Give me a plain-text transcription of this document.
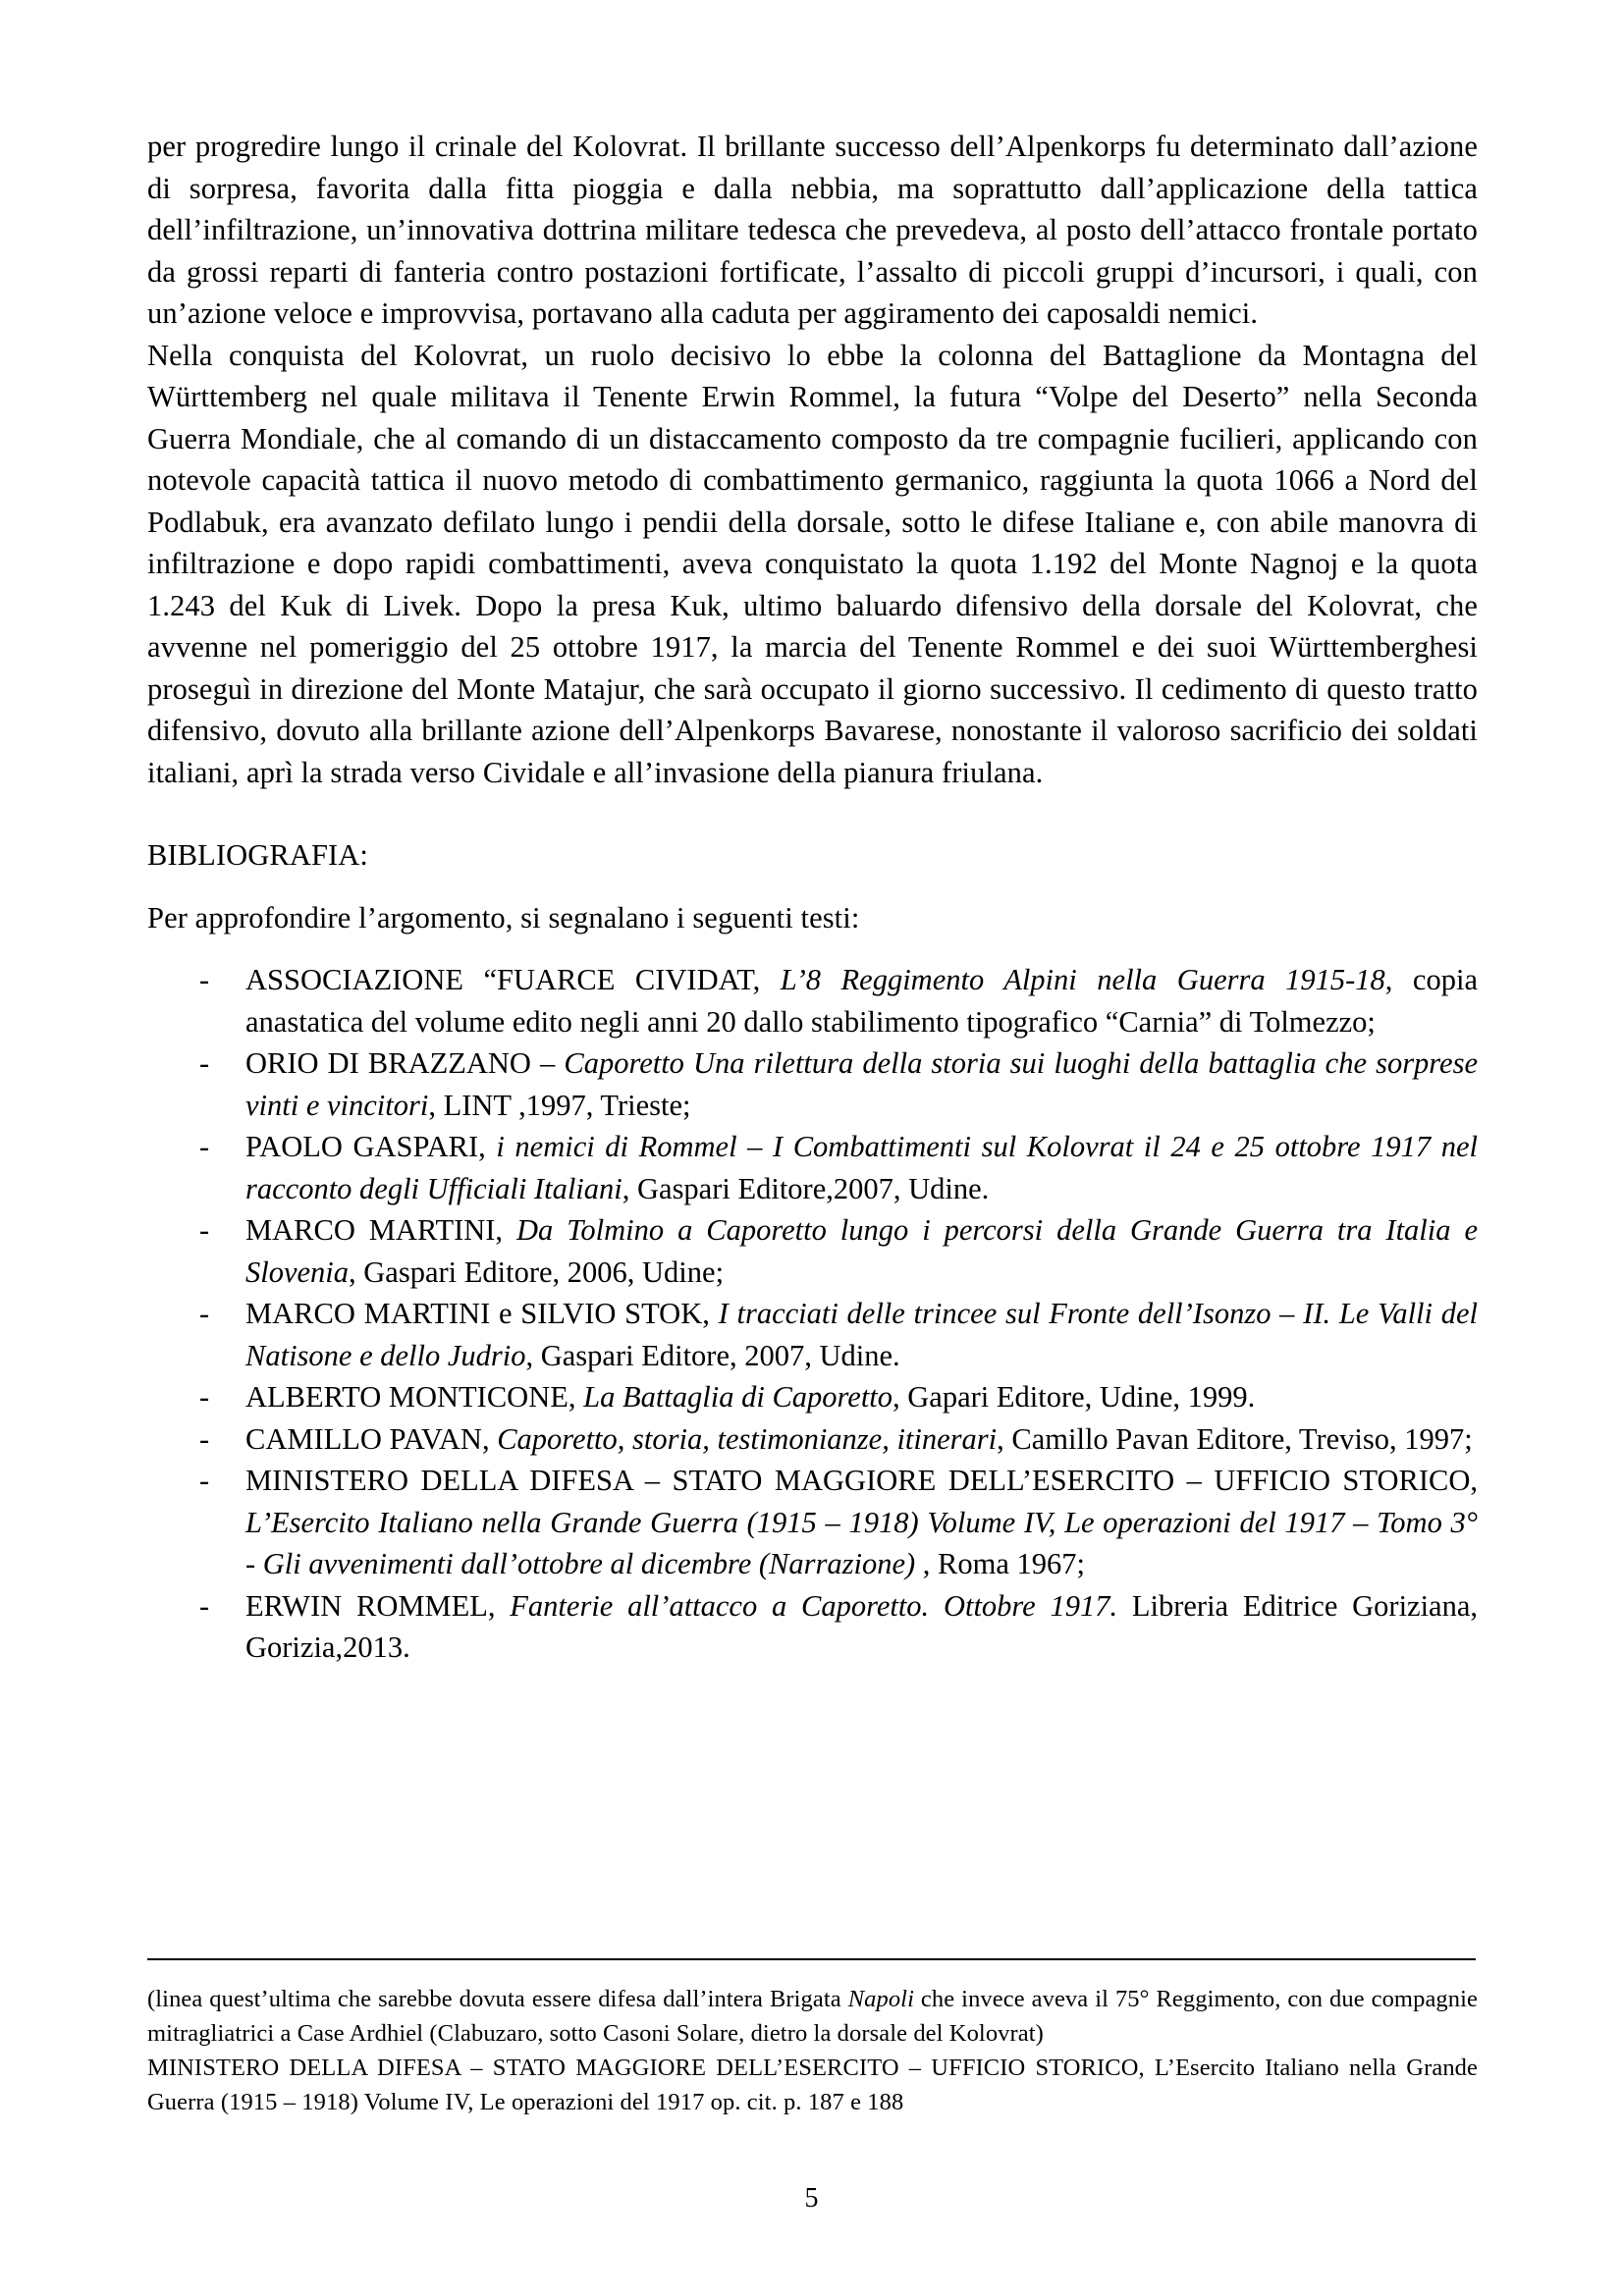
per progredire lungo il crinale del Kolovrat. Il brillante successo dell’Alpenkorps fu determinato dall’azione di sorpresa, favorita dalla fitta pioggia e dalla nebbia, ma soprattutto dall’applicazione della tattica dell’infiltrazione, un’innovativa dottrina militare tedesca che prevedeva, al posto dell’attacco frontale portato da grossi reparti di fanteria contro postazioni fortificate, l’assalto di piccoli gruppi d’incursori, i quali, con un’azione veloce e improvvisa, portavano alla caduta per aggiramento dei caposaldi nemici.

Nella conquista del Kolovrat, un ruolo decisivo lo ebbe la colonna del Battaglione da Montagna del Württemberg nel quale militava il Tenente Erwin Rommel, la futura “Volpe del Deserto” nella Seconda Guerra Mondiale, che al comando di un distaccamento composto da tre compagnie fucilieri, applicando con notevole capacità tattica il nuovo metodo di combattimento germanico, raggiunta la quota 1066 a Nord del Podlabuk, era avanzato defilato lungo i pendii della dorsale, sotto le difese Italiane e, con abile manovra di infiltrazione e dopo rapidi combattimenti, aveva conquistato la quota 1.192 del Monte Nagnoj e la quota 1.243 del Kuk di Livek. Dopo la presa Kuk, ultimo baluardo difensivo della dorsale del Kolovrat, che avvenne nel pomeriggio del 25 ottobre 1917, la marcia del Tenente Rommel e dei suoi Württemberghesi proseguì in direzione del Monte Matajur, che sarà occupato il giorno successivo. Il cedimento di questo tratto difensivo, dovuto alla brillante azione dell’Alpenkorps Bavarese, nonostante il valoroso sacrificio dei soldati italiani, aprì la strada verso Cividale e all’invasione della pianura friulana.

BIBLIOGRAFIA:

Per approfondire l’argomento, si segnalano i seguenti testi:

- ASSOCIAZIONE “FUARCE CIVIDAT, L’8 Reggimento Alpini nella Guerra 1915-18, copia anastatica del volume edito negli anni 20 dallo stabilimento tipografico “Carnia” di Tolmezzo;
- ORIO DI BRAZZANO – Caporetto Una rilettura della storia sui luoghi della battaglia che sorprese vinti e vincitori, LINT ,1997, Trieste;
- PAOLO GASPARI, i nemici di Rommel – I Combattimenti sul Kolovrat il 24 e 25 ottobre 1917 nel racconto degli Ufficiali Italiani, Gaspari Editore,2007, Udine.
- MARCO MARTINI, Da Tolmino a Caporetto lungo i percorsi della Grande Guerra tra Italia e Slovenia, Gaspari Editore, 2006, Udine;
- MARCO MARTINI e SILVIO STOK, I tracciati delle trincee sul Fronte dell’Isonzo – II. Le Valli del Natisone e dello Judrio, Gaspari Editore, 2007, Udine.
- ALBERTO MONTICONE, La Battaglia di Caporetto, Gapari Editore, Udine, 1999.
- CAMILLO PAVAN, Caporetto, storia, testimonianze, itinerari, Camillo Pavan Editore, Treviso, 1997;
- MINISTERO DELLA DIFESA – STATO MAGGIORE DELL’ESERCITO – UFFICIO STORICO, L’Esercito Italiano nella Grande Guerra (1915 – 1918) Volume IV, Le operazioni del 1917 – Tomo 3° - Gli avvenimenti dall’ottobre al dicembre (Narrazione) , Roma 1967;
- ERWIN ROMMEL, Fanterie all’attacco a Caporetto. Ottobre 1917. Libreria Editrice Goriziana, Gorizia,2013.

(linea quest’ultima che sarebbe dovuta essere difesa dall’intera Brigata Napoli che invece aveva il 75° Reggimento, con due compagnie mitragliatrici a Case Ardhiel (Clabuzaro, sotto Casoni Solare, dietro la dorsale del Kolovrat)

MINISTERO DELLA DIFESA – STATO MAGGIORE DELL’ESERCITO – UFFICIO STORICO, L’Esercito Italiano nella Grande Guerra (1915 – 1918) Volume IV, Le operazioni del 1917 op. cit. p. 187 e 188

5
